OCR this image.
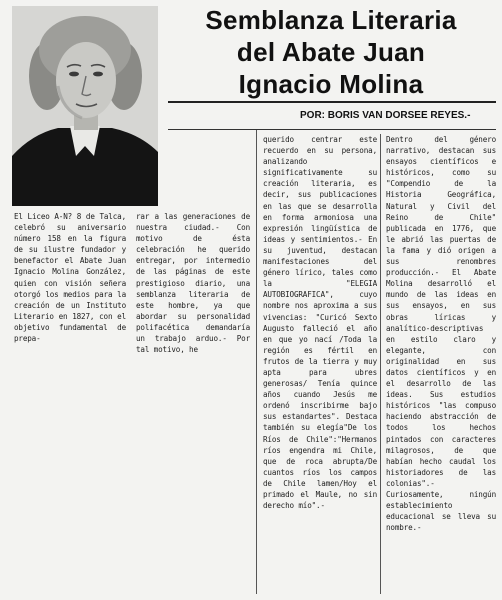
Semblanza Literaria
del Abate Juan
Ignacio Molina
POR: BORIS VAN DORSEE REYES.-
El Liceo A-N? 8 de Talca, celebró su aniversario número 158 en la figura de su ilustre fundador y benefactor el Abate Juan Ignacio Molina González, quien con visión señera otorgó los medios para la creación de un Instituto Literario en 1827, con el objetivo fundamental de prepa-
rar a las generaciones de nuestra ciudad.- Con motivo de ésta celebración he querido entregar, por intermedio de las páginas de este prestigioso diario, una semblanza literaria de este hombre, ya que abordar su personalidad polifacética demandaría un trabajo arduo.- Por tal motivo, he
querido centrar este recuerdo en su persona, analizando significativamente su creación literaria, es decir, sus publicaciones en las que se desarrolla en forma armoniosa una expresión lingüística de ideas y sentimientos.- En su juventud, destacan manifestaciones del género lírico, tales como la "ELEGIA AUTOBIOGRAFICA", cuyo nombre nos aproxima a sus vivencias: "Curicó Sexto Augusto falleció el año en que yo nací /Toda la región es fértil en frutos de la tierra y muy apta para ubres generosas/ Tenía quince años cuando Jesús me ordenó inscribirme bajo sus estandartes". Destaca también su elegía"De los Ríos de Chile":"Hermanos ríos engendra mi Chile, que de roca abrupta/De cuantos ríos los campos de Chile lamen/Hoy el primado el Maule, no sin derecho mío".-
Dentro del género narrativo, destacan sus ensayos científicos e históricos, como su "Compendio de la Historia Geográfica, Natural y Civil del Reino de Chile" publicada en 1776, que le abrió las puertas de la fama y dió origen a sus renombres producción.- El Abate Molina desarrolló el mundo de las ideas en sus ensayos, en sus obras líricas y analítico-descriptivas en estilo claro y elegante, con originalidad en sus datos científicos y en el desarrollo de las ideas. Sus estudios históricos "las compuso haciendo abstracción de todos los hechos pintados con caracteres milagrosos, de que habían hecho caudal los historiadores de las colonias".- Curiosamente, ningún establecimiento educacional se lleva su nombre.-
